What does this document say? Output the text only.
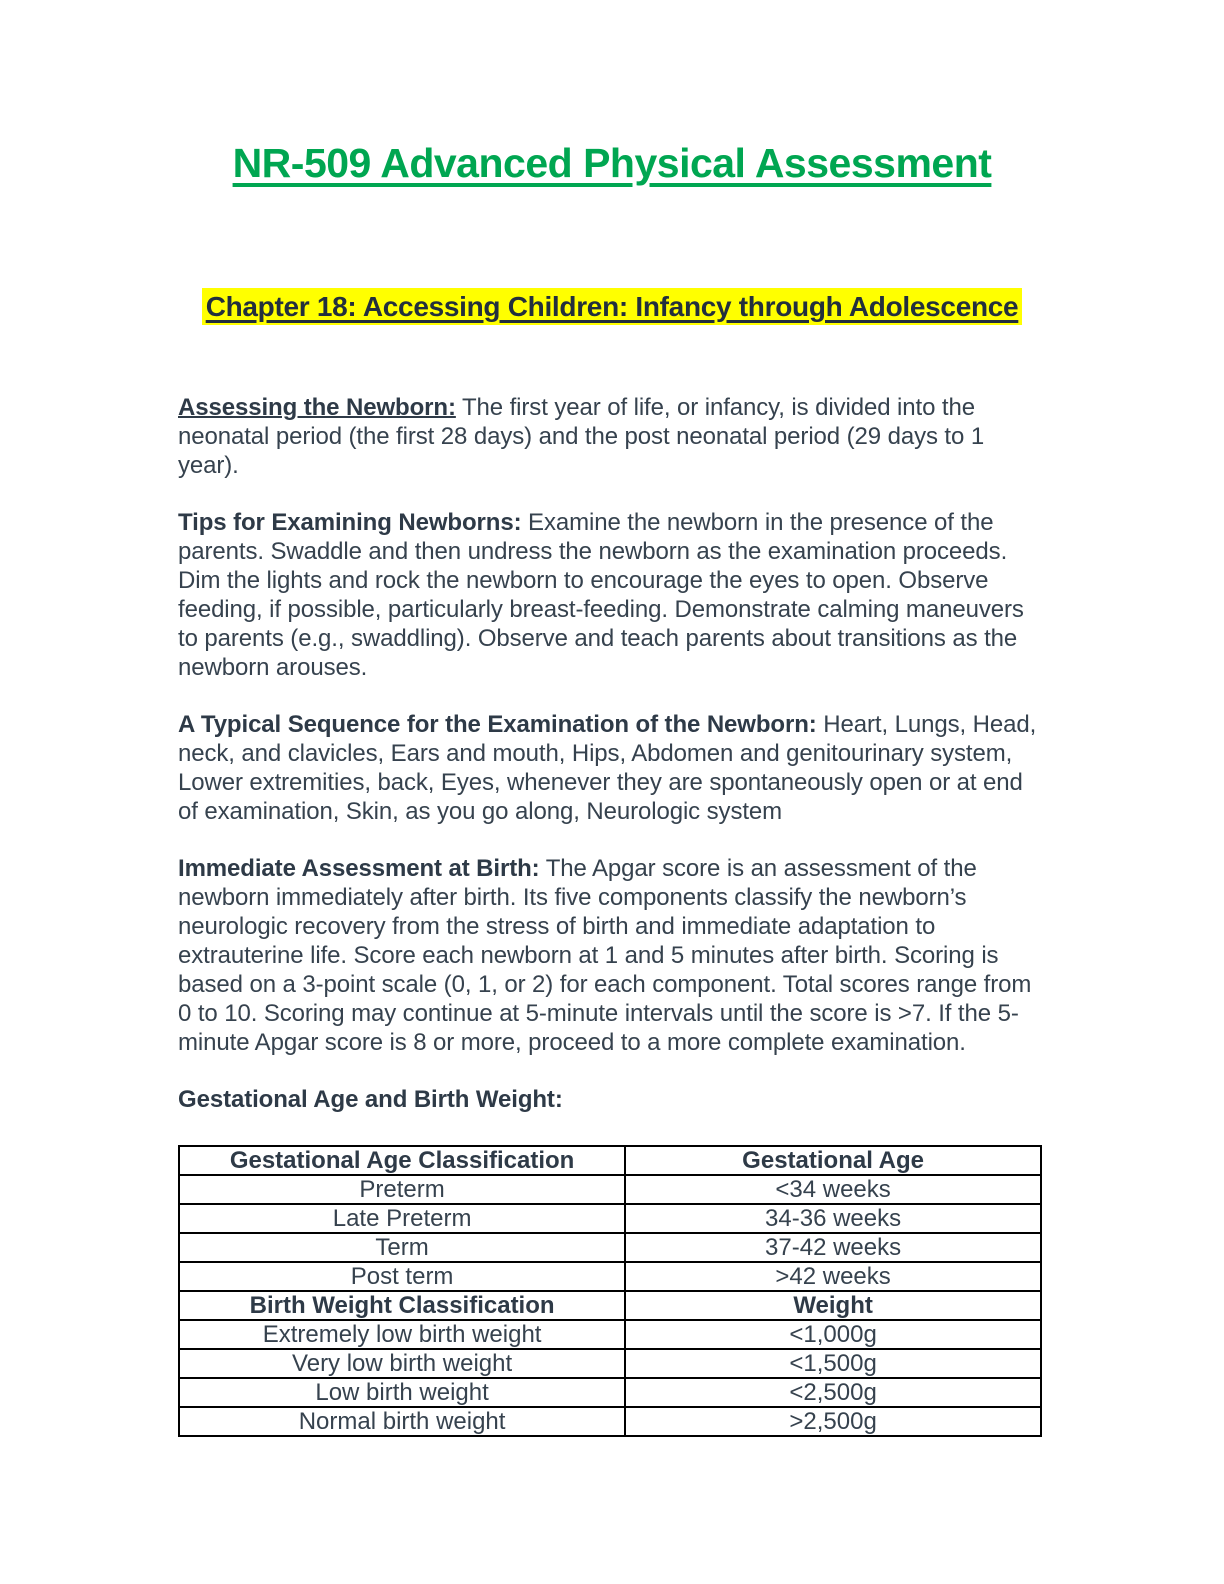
NR-509 Advanced Physical Assessment
Chapter 18: Accessing Children: Infancy through Adolescence

Assessing the Newborn: The first year of life, or infancy, is divided into the neonatal period (the first 28 days) and the post neonatal period (29 days to 1 year).

Tips for Examining Newborns: Examine the newborn in the presence of the parents. Swaddle and then undress the newborn as the examination proceeds. Dim the lights and rock the newborn to encourage the eyes to open. Observe feeding, if possible, particularly breast-feeding. Demonstrate calming maneuvers to parents (e.g., swaddling). Observe and teach parents about transitions as the newborn arouses.

A Typical Sequence for the Examination of the Newborn: Heart, Lungs, Head, neck, and clavicles, Ears and mouth, Hips, Abdomen and genitourinary system, Lower extremities, back, Eyes, whenever they are spontaneously open or at end of examination, Skin, as you go along, Neurologic system

Immediate Assessment at Birth: The Apgar score is an assessment of the newborn immediately after birth. Its five components classify the newborn’s neurologic recovery from the stress of birth and immediate adaptation to extrauterine life. Score each newborn at 1 and 5 minutes after birth. Scoring is based on a 3-point scale (0, 1, or 2) for each component. Total scores range from 0 to 10. Scoring may continue at 5-minute intervals until the score is >7. If the 5-minute Apgar score is 8 or more, proceed to a more complete examination.

Gestational Age and Birth Weight:

Gestational Age Classification	Gestational Age
Preterm	<34 weeks
Late Preterm	34-36 weeks
Term	37-42 weeks
Post term	>42 weeks
Birth Weight Classification	Weight
Extremely low birth weight	<1,000g
Very low birth weight	<1,500g
Low birth weight	<2,500g
Normal birth weight	>2,500g
